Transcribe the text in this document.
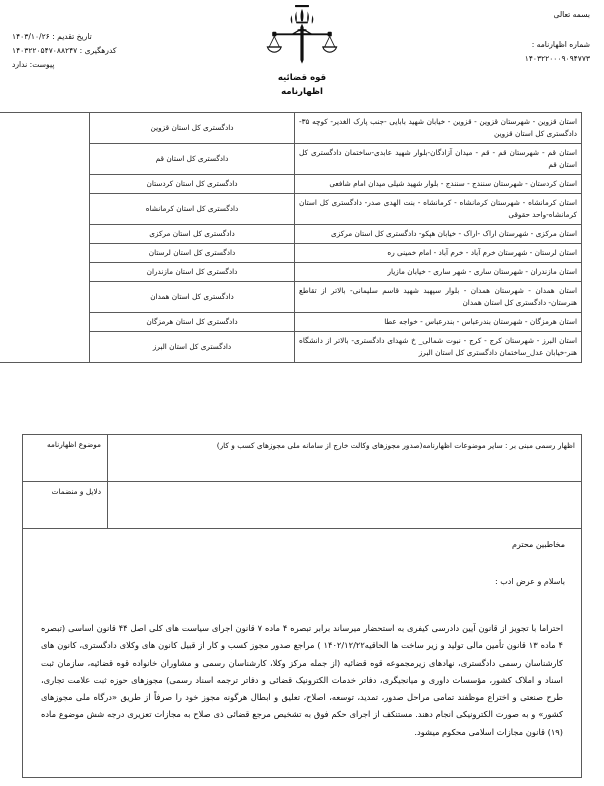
بسمه تعالی
شماره اظهارنامه :
۱۴۰۳۲۲۰۰۰۹۰۹۴۷۷۳
قوه قضائیه
اظهارنامه
تاریخ تقدیم : ۱۴۰۳/۱۰/۲۶
کدرهگیری : ۱۴۰۳۲۲۰۵۴۷۰۸۸۲۴۷
پیوست: ندارد
استان قزوین - شهرستان قزوین - قزوین - خیابان شهید بابایی -جنب پارک الغدیر- کوچه ۳۵- دادگستری کل استان قزوین	دادگستری کل استان قزوین	
استان قم - شهرستان قم - قم - میدان آزادگان-بلوار شهید عابدی-ساختمان دادگستری کل استان قم	دادگستری کل استان قم	
استان کردستان - شهرستان سنندج - سنندج - بلوار شهید شیلی میدان امام شافعی	دادگستری کل استان کردستان	
استان کرمانشاه - شهرستان کرمانشاه - کرمانشاه - بنت الهدی صدر- دادگستری کل استان کرمانشاه-واحد حقوقی	دادگستری کل استان کرمانشاه	
استان مرکزی - شهرستان اراک -اراک - خیابان هپکو- دادگستری کل استان مرکزی	دادگستری کل استان مرکزی	
استان لرستان - شهرستان خرم آباد - خرم آباد - امام خمینی ره	دادگستری کل استان لرستان	
استان مازندران - شهرستان ساری - شهر ساری - خیابان مازیار	دادگستری کل استان مازندران	
استان همدان - شهرستان همدان - بلوار سپهبد شهید قاسم سلیمانی- بالاتر از تقاطع هنرستان- دادگستری کل استان همدان	دادگستری کل استان همدان	
استان هرمزگان - شهرستان بندرعباس - بندرعباس - خواجه عطا	دادگستری کل استان هرمزگان	
استان البرز - شهرستان کرج - کرج - نبوت شمالی_ خ شهدای دادگستری- بالاتر از دانشگاه هنر-خیابان عدل_ساختمان دادگستری کل استان البرز	دادگستری کل استان البرز	
اظهار رسمی مبنی بر : سایر موضوعات اظهارنامه(صدور مجوزهای وکالت خارج از سامانه ملی مجوزهای کسب و کار)	موضوع اظهارنامه
	دلایل و منضمات
مخاطبین محترم
باسلام و عرض ادب :

احتراما با تجویز از قانون آیین دادرسی کیفری به استحضار میرساند برابر تبصره ۴ ماده ۷ قانون اجرای سیاست های کلی اصل ۴۴ قانون اساسی (تبصره ۴ ماده ۱۳ قانون تأمین مالی تولید و زیر ساخت ها الحاقیه۱۴۰۲/۱۲/۲۲ ) مراجع صدور مجوز کسب و کار از قبیل کانون های وکلای دادگستری، کانون های کارشناسان رسمی دادگستری، نهادهای زیرمجموعه قوه قضائیه (از جمله مرکز وکلا، کارشناسان رسمی و مشاوران خانواده قوه قضائیه، سازمان ثبت اسناد و املاک کشور، مؤسسات داوری و میانجیگری، دفاتر خدمات الکترونیک قضائی و دفاتر ترجمه اسناد رسمی) مجوزهای حوزه ثبت علامت تجاری، طرح صنعتی و اختراع موظفند تمامی مراحل صدور، تمدید، توسعه، اصلاح، تعلیق و ابطال هرگونه مجوز خود را صرفاً از طریق «درگاه ملی مجوزهای کشور» و به صورت الکترونیکی انجام دهند. مستنکف از اجرای حکم فوق به تشخیص مرجع قضائی ذی صلاح به مجازات تعزیری درجه شش موضوع ماده (۱۹) قانون مجازات اسلامی محکوم میشود.
